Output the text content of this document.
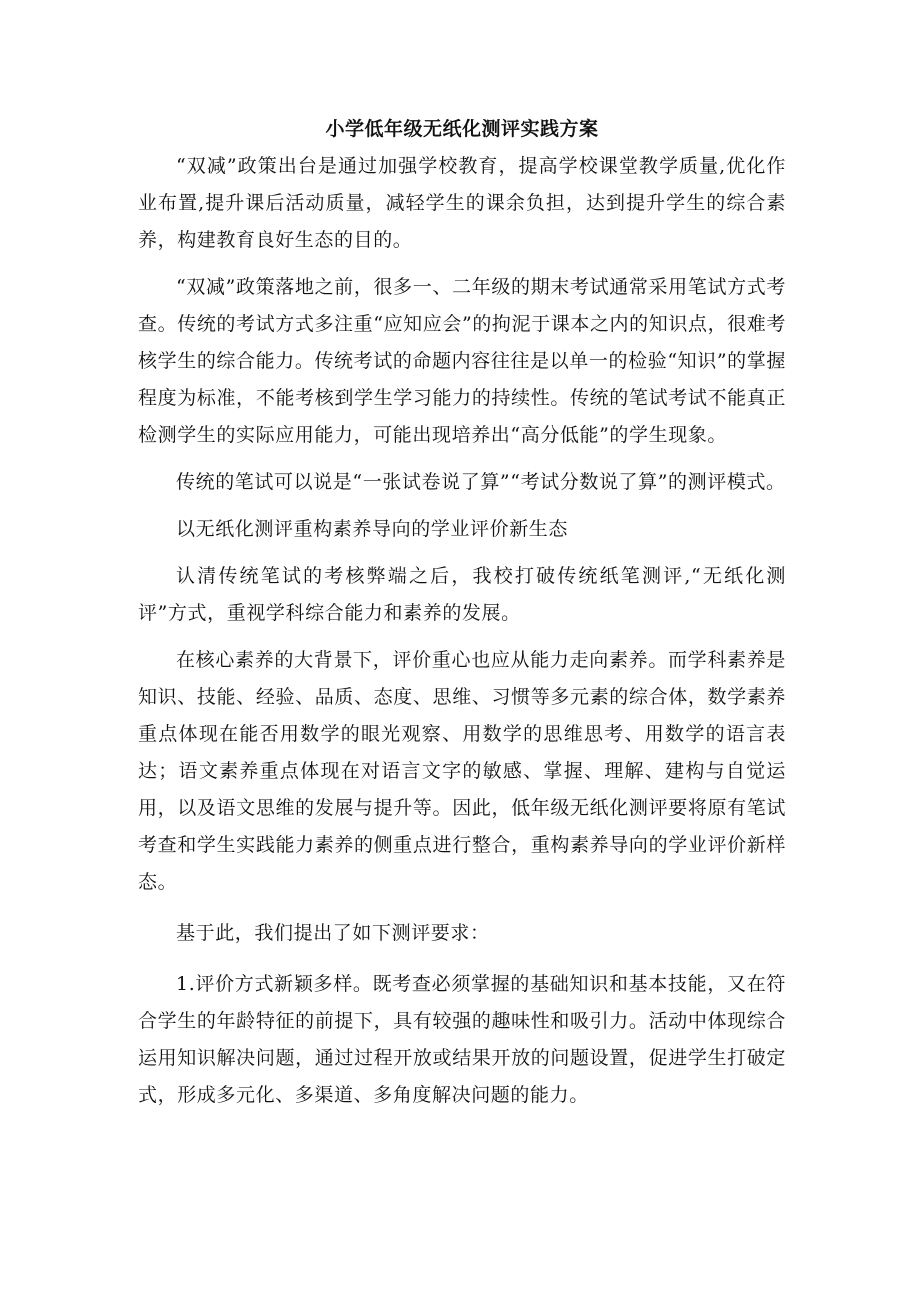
小学低年级无纸化测评实践方案

“双减”政策出台是通过加强学校教育，提高学校课堂教学质量,优化作业布置,提升课后活动质量，减轻学生的课余负担，达到提升学生的综合素养，构建教育良好生态的目的。

“双减”政策落地之前，很多一、二年级的期末考试通常采用笔试方式考查。传统的考试方式多注重“应知应会”的拘泥于课本之内的知识点，很难考核学生的综合能力。传统考试的命题内容往往是以单一的检验“知识”的掌握程度为标准，不能考核到学生学习能力的持续性。传统的笔试考试不能真正检测学生的实际应用能力，可能出现培养出“高分低能”的学生现象。

传统的笔试可以说是“一张试卷说了算”“考试分数说了算”的测评模式。

以无纸化测评重构素养导向的学业评价新生态

认清传统笔试的考核弊端之后，我校打破传统纸笔测评,“无纸化测评”方式，重视学科综合能力和素养的发展。

在核心素养的大背景下，评价重心也应从能力走向素养。而学科素养是知识、技能、经验、品质、态度、思维、习惯等多元素的综合体，数学素养重点体现在能否用数学的眼光观察、用数学的思维思考、用数学的语言表达；语文素养重点体现在对语言文字的敏感、掌握、理解、建构与自觉运用，以及语文思维的发展与提升等。因此，低年级无纸化测评要将原有笔试考查和学生实践能力素养的侧重点进行整合，重构素养导向的学业评价新样态。

基于此，我们提出了如下测评要求：

1.评价方式新颖多样。既考查必须掌握的基础知识和基本技能，又在符合学生的年龄特征的前提下，具有较强的趣味性和吸引力。活动中体现综合运用知识解决问题，通过过程开放或结果开放的问题设置，促进学生打破定式，形成多元化、多渠道、多角度解决问题的能力。
